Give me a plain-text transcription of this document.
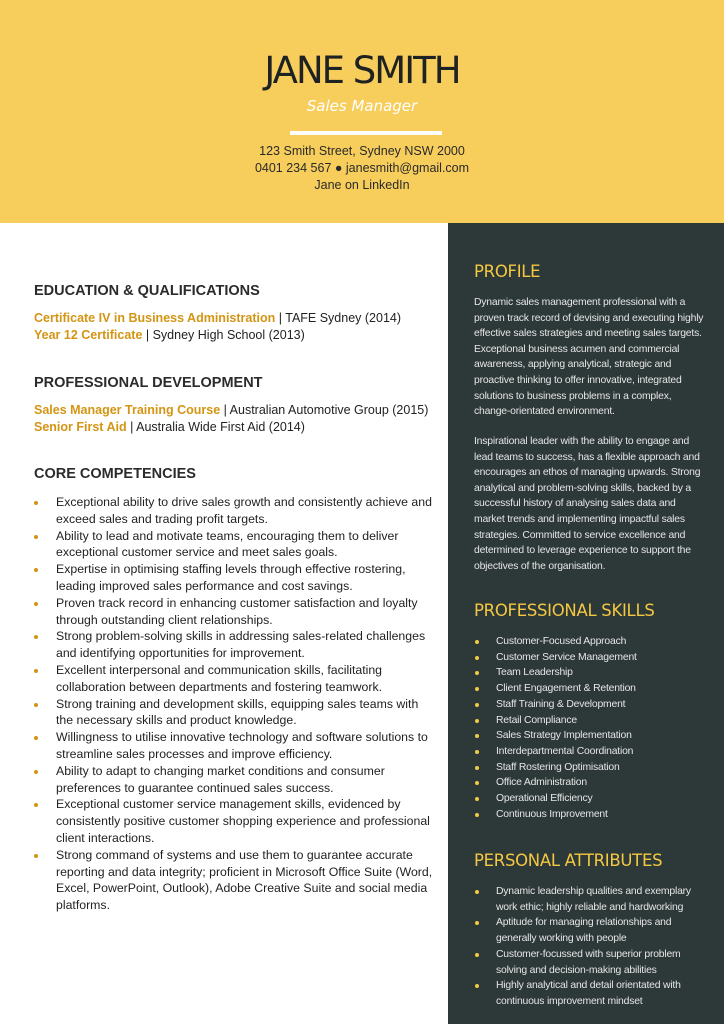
JANE SMITH
Sales Manager
123 Smith Street, Sydney NSW 2000
0401 234 567 ● janesmith@gmail.com
Jane on LinkedIn
EDUCATION & QUALIFICATIONS

Certificate IV in Business Administration | TAFE Sydney (2014)

Year 12 Certificate | Sydney High School (2013)

PROFESSIONAL DEVELOPMENT

Sales Manager Training Course | Australian Automotive Group (2015)

Senior First Aid | Australia Wide First Aid (2014)

CORE COMPETENCIES
Exceptional ability to drive sales growth and consistently achieve and exceed sales and trading profit targets.
Ability to lead and motivate teams, encouraging them to deliver exceptional customer service and meet sales goals.
Expertise in optimising staffing levels through effective rostering, leading improved sales performance and cost savings.
Proven track record in enhancing customer satisfaction and loyalty through outstanding client relationships.
Strong problem-solving skills in addressing sales-related challenges and identifying opportunities for improvement.
Excellent interpersonal and communication skills, facilitating collaboration between departments and fostering teamwork.
Strong training and development skills, equipping sales teams with the necessary skills and product knowledge.
Willingness to utilise innovative technology and software solutions to streamline sales processes and improve efficiency.
Ability to adapt to changing market conditions and consumer preferences to guarantee continued sales success.
Exceptional customer service management skills, evidenced by consistently positive customer shopping experience and professional client interactions.
Strong command of systems and use them to guarantee accurate reporting and data integrity; proficient in Microsoft Office Suite (Word, Excel, PowerPoint, Outlook), Adobe Creative Suite and social media platforms.
PROFILE
Dynamic sales management professional with a proven track record of devising and executing highly effective sales strategies and meeting sales targets. Exceptional business acumen and commercial awareness, applying analytical, strategic and proactive thinking to offer innovative, integrated solutions to business problems in a complex, change-orientated environment.
Inspirational leader with the ability to engage and lead teams to success, has a flexible approach and encourages an ethos of managing upwards. Strong analytical and problem-solving skills, backed by a successful history of analysing sales data and market trends and implementing impactful sales strategies. Committed to service excellence and determined to leverage experience to support the objectives of the organisation.
PROFESSIONAL SKILLS
Customer-Focused Approach
Customer Service Management
Team Leadership
Client Engagement & Retention
Staff Training & Development
Retail Compliance
Sales Strategy Implementation
Interdepartmental Coordination
Staff Rostering Optimisation
Office Administration
Operational Efficiency
Continuous Improvement
PERSONAL ATTRIBUTES
Dynamic leadership qualities and exemplary work ethic; highly reliable and hardworking
Aptitude for managing relationships and generally working with people
Customer-focussed with superior problem solving and decision-making abilities
Highly analytical and detail orientated with continuous improvement mindset
